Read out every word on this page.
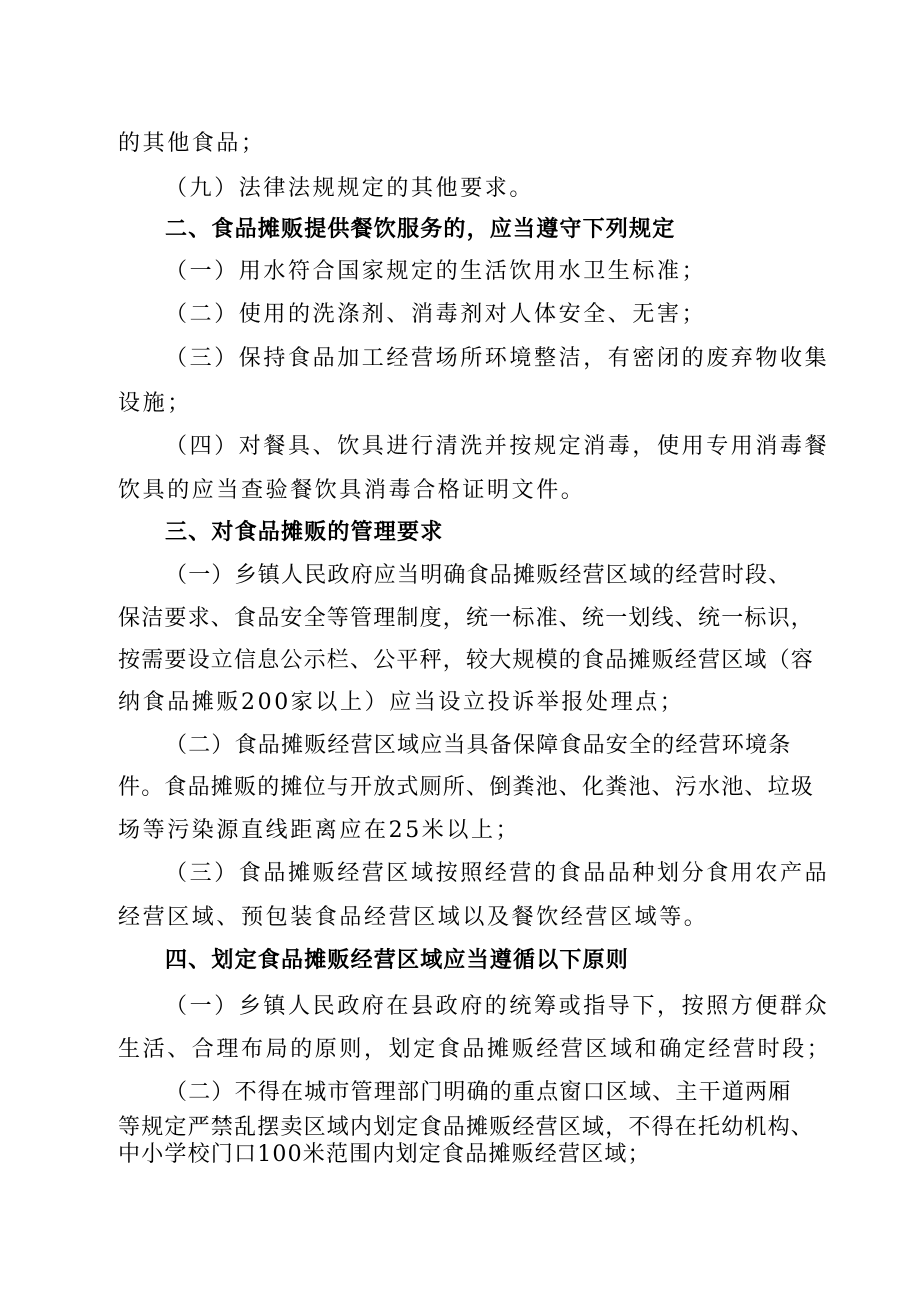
的其他食品；
（九）法律法规规定的其他要求。
二、食品摊贩提供餐饮服务的，应当遵守下列规定
（一）用水符合国家规定的生活饮用水卫生标准；
（二）使用的洗涤剂、消毒剂对人体安全、无害；
（三）保持食品加工经营场所环境整洁，有密闭的废弃物收集
设施；
（四）对餐具、饮具进行清洗并按规定消毒，使用专用消毒餐
饮具的应当查验餐饮具消毒合格证明文件。
三、对食品摊贩的管理要求
（一）乡镇人民政府应当明确食品摊贩经营区域的经营时段、
保洁要求、食品安全等管理制度，统一标准、统一划线、统一标识，
按需要设立信息公示栏、公平秤，较大规模的食品摊贩经营区域（容
纳食品摊贩200家以上）应当设立投诉举报处理点；
（二）食品摊贩经营区域应当具备保障食品安全的经营环境条
件。食品摊贩的摊位与开放式厕所、倒粪池、化粪池、污水池、垃圾
场等污染源直线距离应在25米以上；
（三）食品摊贩经营区域按照经营的食品品种划分食用农产品
经营区域、预包装食品经营区域以及餐饮经营区域等。
四、划定食品摊贩经营区域应当遵循以下原则
（一）乡镇人民政府在县政府的统筹或指导下，按照方便群众
生活、合理布局的原则，划定食品摊贩经营区域和确定经营时段；
（二）不得在城市管理部门明确的重点窗口区域、主干道两厢
等规定严禁乱摆卖区域内划定食品摊贩经营区域，不得在托幼机构、
中小学校门口100米范围内划定食品摊贩经营区域；
